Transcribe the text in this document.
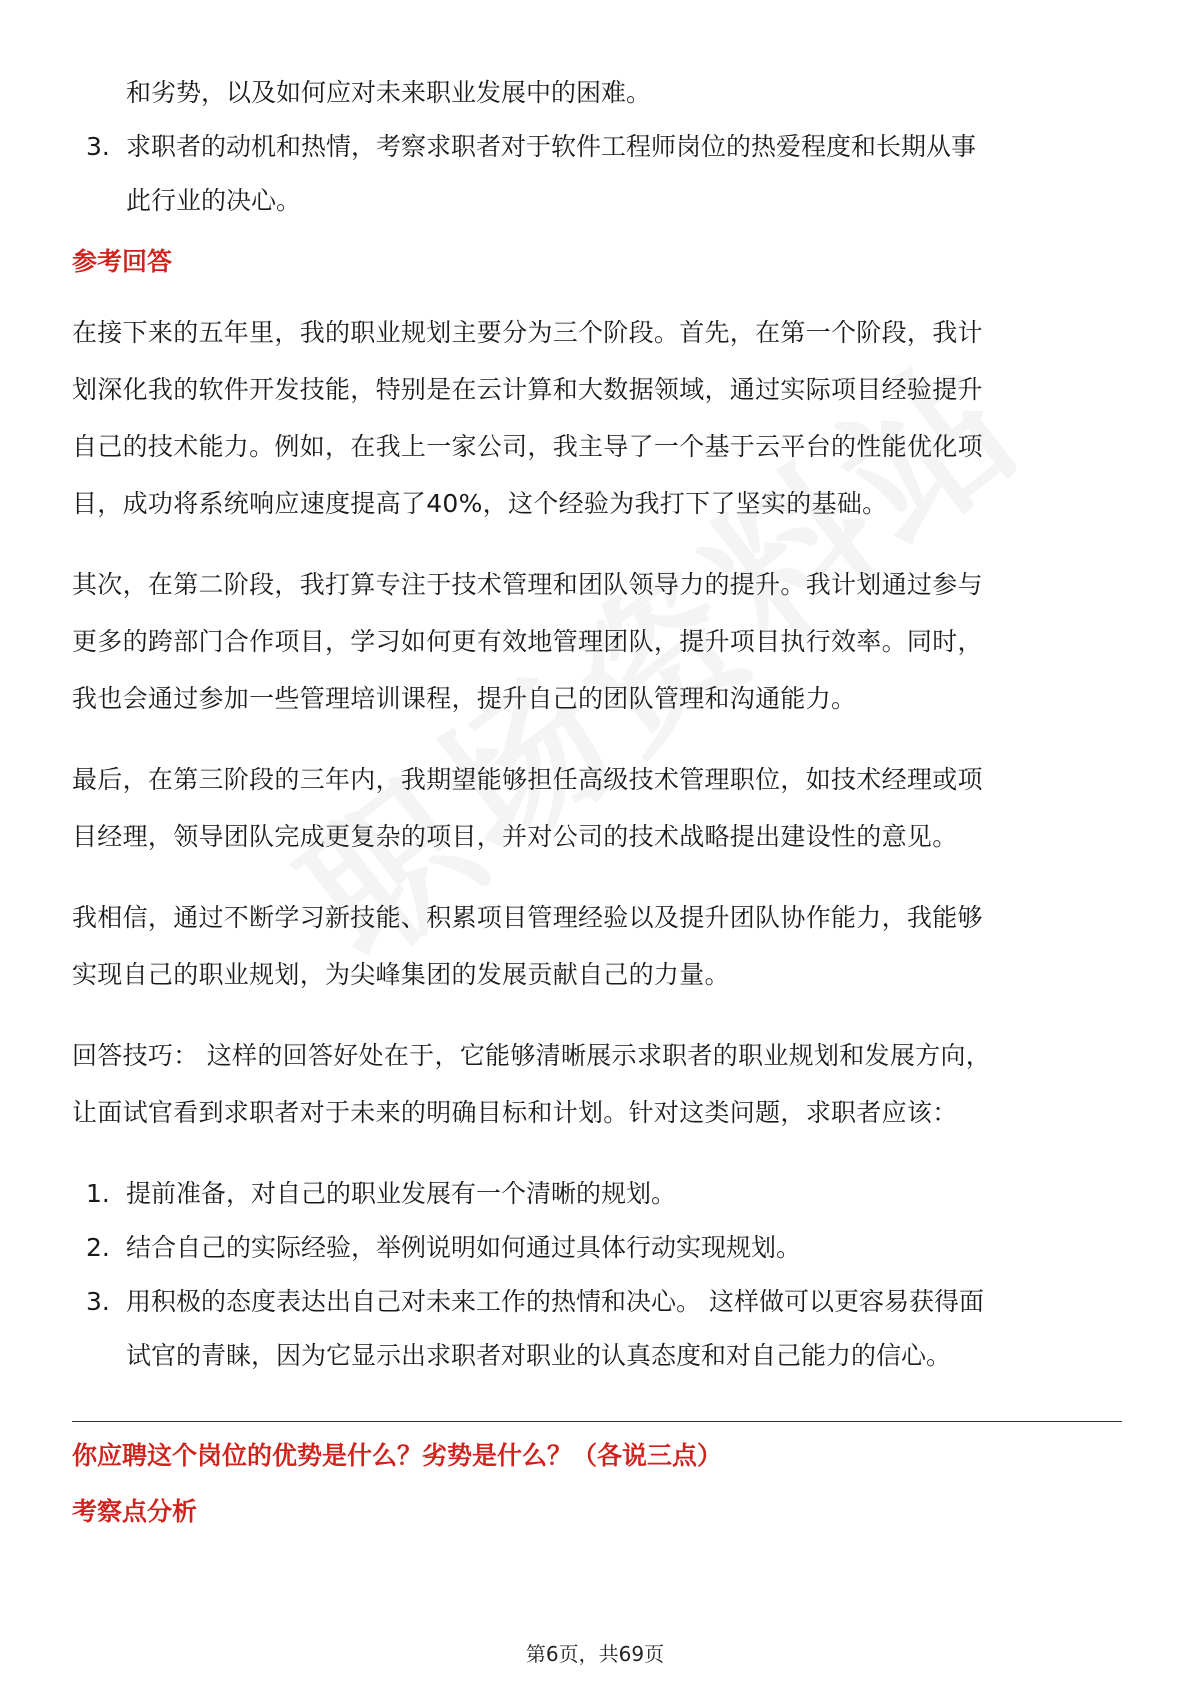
和劣势，以及如何应对未来职业发展中的困难。
3. 求职者的动机和热情，考察求职者对于软件工程师岗位的热爱程度和长期从事
此行业的决心。
参考回答
在接下来的五年里，我的职业规划主要分为三个阶段。首先，在第一个阶段，我计
划深化我的软件开发技能，特别是在云计算和大数据领域，通过实际项目经验提升
自己的技术能力。例如，在我上一家公司，我主导了一个基于云平台的性能优化项
目，成功将系统响应速度提高了40%，这个经验为我打下了坚实的基础。
其次，在第二阶段，我打算专注于技术管理和团队领导力的提升。我计划通过参与
更多的跨部门合作项目，学习如何更有效地管理团队，提升项目执行效率。同时，
我也会通过参加一些管理培训课程，提升自己的团队管理和沟通能力。
最后，在第三阶段的三年内，我期望能够担任高级技术管理职位，如技术经理或项
目经理，领导团队完成更复杂的项目，并对公司的技术战略提出建设性的意见。
我相信，通过不断学习新技能、积累项目管理经验以及提升团队协作能力，我能够
实现自己的职业规划，为尖峰集团的发展贡献自己的力量。
回答技巧： 这样的回答好处在于，它能够清晰展示求职者的职业规划和发展方向，
让面试官看到求职者对于未来的明确目标和计划。针对这类问题，求职者应该：
1. 提前准备，对自己的职业发展有一个清晰的规划。
2. 结合自己的实际经验，举例说明如何通过具体行动实现规划。
3. 用积极的态度表达出自己对未来工作的热情和决心。 这样做可以更容易获得面
试官的青睐，因为它显示出求职者对职业的认真态度和对自己能力的信心。
你应聘这个岗位的优势是什么？劣势是什么？（各说三点）
考察点分析
第6页，共69页
